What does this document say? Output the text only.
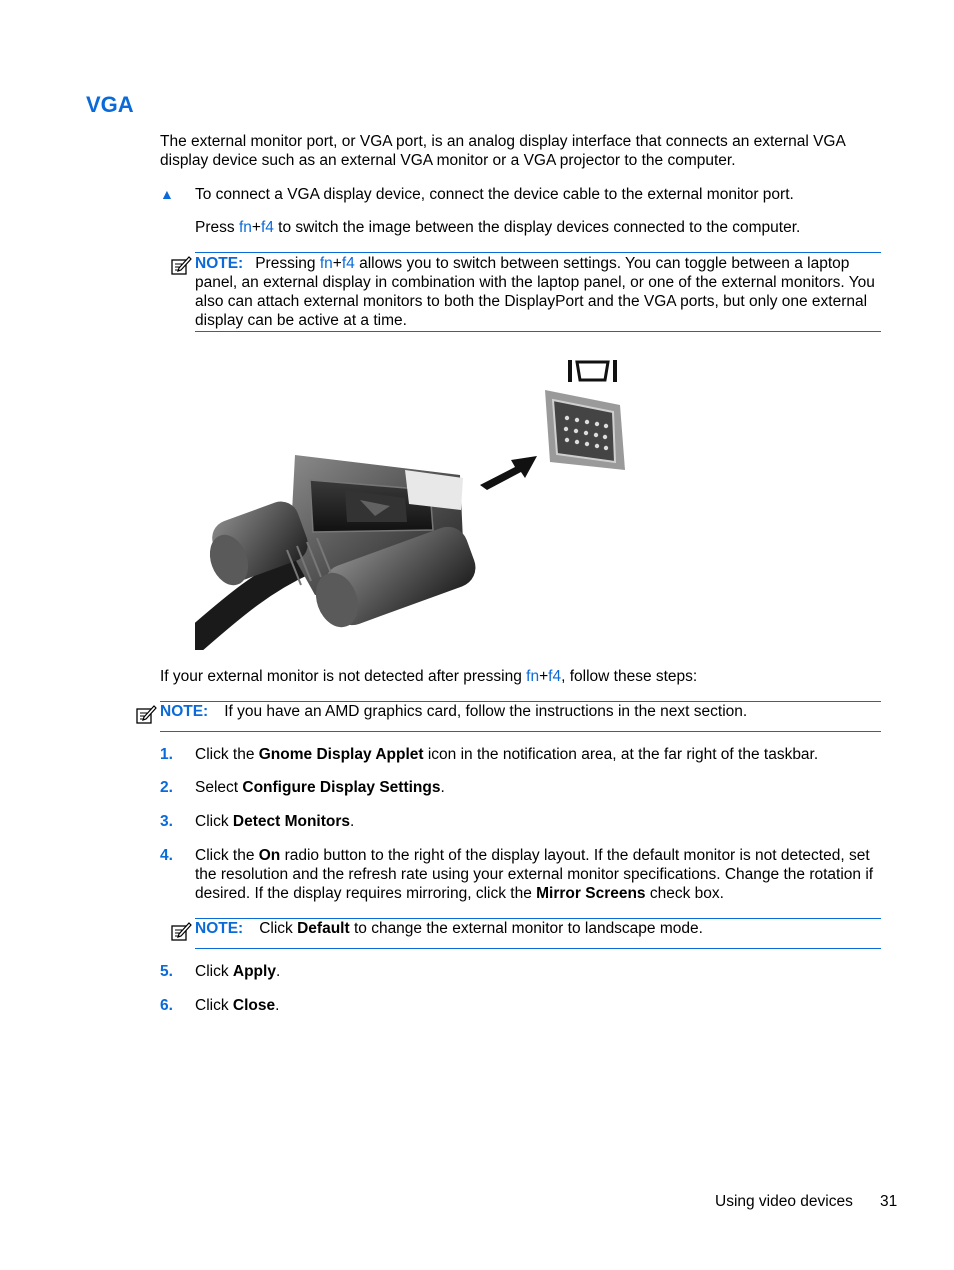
VGA

The external monitor port, or VGA port, is an analog display interface that connects an external VGA display device such as an external VGA monitor or a VGA projector to the computer.

▲ To connect a VGA display device, connect the device cable to the external monitor port.

Press fn+f4 to switch the image between the display devices connected to the computer.

NOTE: Pressing fn+f4 allows you to switch between settings. You can toggle between a laptop panel, an external display in combination with the laptop panel, or one of the external monitors. You also can attach external monitors to both the DisplayPort and the VGA ports, but only one external display can be active at a time.

If your external monitor is not detected after pressing fn+f4, follow these steps:

NOTE: If you have an AMD graphics card, follow the instructions in the next section.

1. Click the Gnome Display Applet icon in the notification area, at the far right of the taskbar.

2. Select Configure Display Settings.

3. Click Detect Monitors.

4. Click the On radio button to the right of the display layout. If the default monitor is not detected, set the resolution and the refresh rate using your external monitor specifications. Change the rotation if desired. If the display requires mirroring, click the Mirror Screens check box.

NOTE: Click Default to change the external monitor to landscape mode.

5. Click Apply.

6. Click Close.

Using video devices 31
